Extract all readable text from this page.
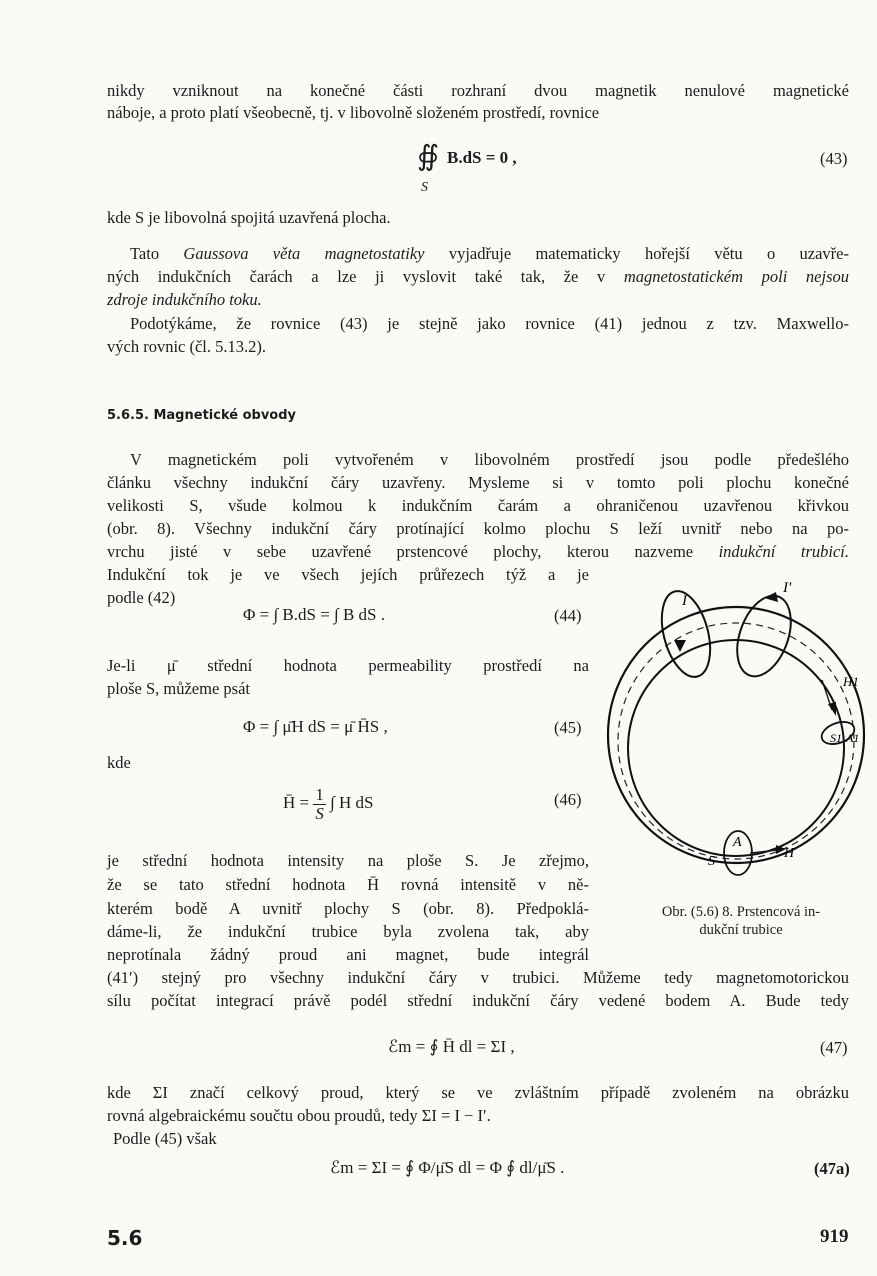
nikdy vzniknout na konečné části rozhraní dvou magnetik nenulové magnetické
náboje, a proto platí všeobecně, tj. v libovolně složeném prostředí, rovnice
∯ B.dS = 0 ,
S
(43)
kde S je libovolná spojitá uzavřená plocha.
Tato Gaussova věta magnetostatiky vyjadřuje matematicky hořejší větu o uzavře-
ných indukčních čarách a lze ji vyslovit také tak, že v magnetostatickém poli nejsou
zdroje indukčního toku.
Podotýkáme, že rovnice (43) je stejně jako rovnice (41) jednou z tzv. Maxwello-
vých rovnic (čl. 5.13.2).
5.6.5. Magnetické obvody
V magnetickém poli vytvořeném v libovolném prostředí jsou podle předešlého
článku všechny indukční čáry uzavřeny. Mysleme si v tomto poli plochu konečné
velikosti S, všude kolmou k indukčním čarám a ohraničenou uzavřenou křivkou
(obr. 8). Všechny indukční čáry protínající kolmo plochu S leží uvnitř nebo na po-
vrchu jisté v sebe uzavřené prstencové plochy, kterou nazveme indukční trubicí.
Indukční tok je ve všech jejích průřezech týž a je
podle (42)
Φ = ∫ B.dS = ∫ B dS .	(44)
Je-li μ̄ střední hodnota permeability prostředí na
ploše S, můžeme psát
Φ = ∫ μ̄H dS = μ̄ H̄S ,	(45)
kde
H̄ = $\frac{1}{S}$ ∫ H dS	(46)
je střední hodnota intensity na ploše S. Je zřejmo,
že se tato střední hodnota H̄ rovná intensitě v ně-
kterém bodě A uvnitř plochy S (obr. 8). Předpoklá-
dáme-li, že indukční trubice byla zvolena tak, aby
neprotínala žádný proud ani magnet, bude integrál
(41′) stejný pro všechny indukční čáry v trubici. Můžeme tedy magnetomotorickou
sílu počítat integrací právě podél střední indukční čáry vedené bodem A. Bude tedy
ℰm = ∮ H̄ dl = ΣI ,	(47)
kde ΣI značí celkový proud, který se ve zvláštním případě zvoleném na obrázku
rovná algebraickému součtu obou proudů, tedy ΣI = I − I′.
Podle (45) však
ℰm = ΣI = ∮ Φ/μ̄S dl = Φ ∮ dl/μ̄S .	(47a)
5.6	919
I
I′
H1
S1 A1
A
S
H
Obr. (5.6) 8. Prstencová in-
dukční trubice
